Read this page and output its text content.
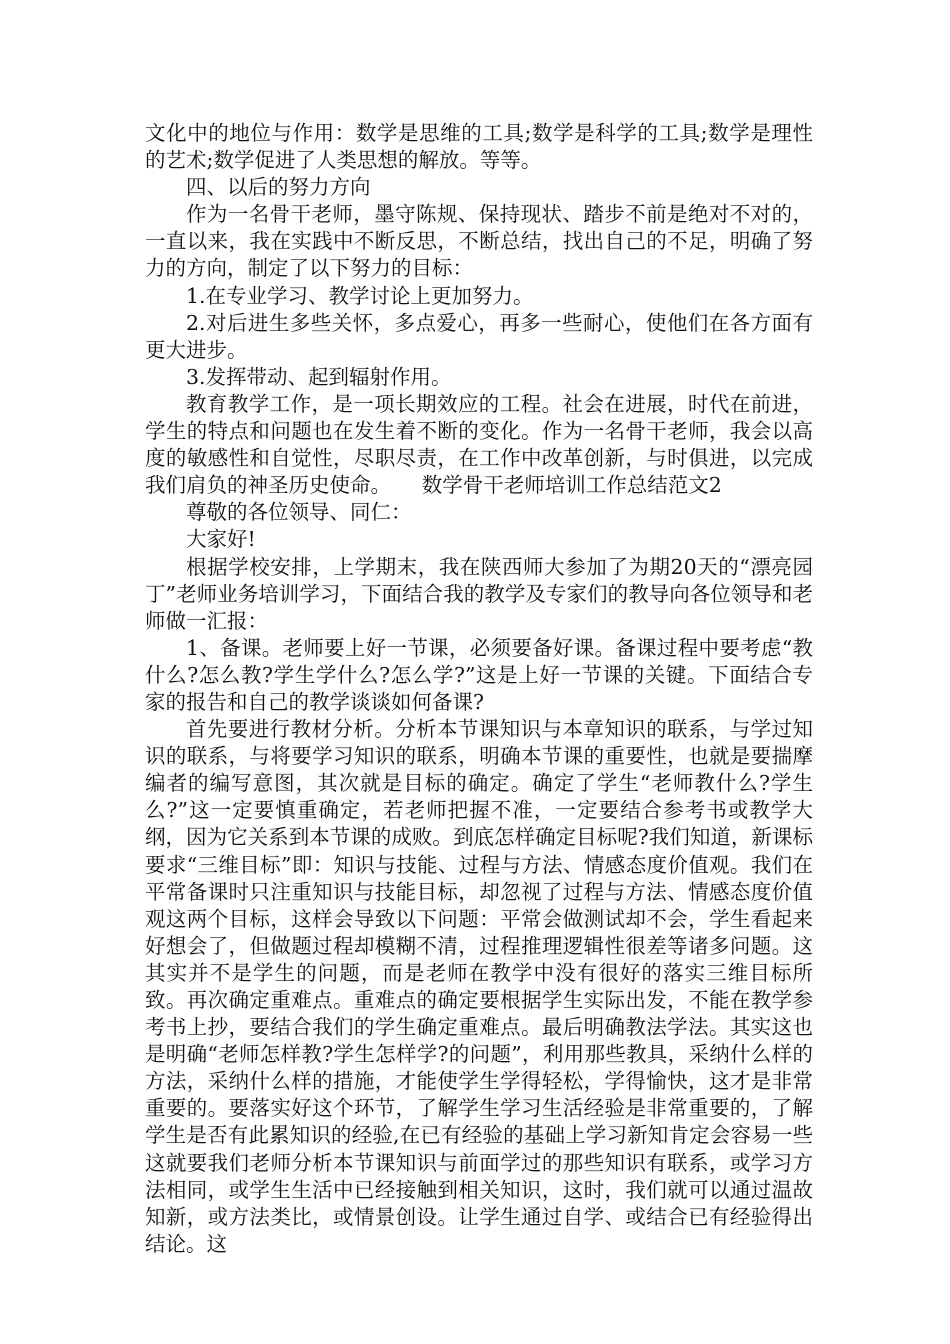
文化中的地位与作用：数学是思维的工具;数学是科学的工具;数学是理性的艺术;数学促进了人类思想的解放。等等。

四、以后的努力方向

作为一名骨干老师，墨守陈规、保持现状、踏步不前是绝对不对的，一直以来，我在实践中不断反思，不断总结，找出自己的不足，明确了努力的方向，制定了以下努力的目标：

1.在专业学习、教学讨论上更加努力。

2.对后进生多些关怀，多点爱心，再多一些耐心，使他们在各方面有更大进步。

3.发挥带动、起到辐射作用。

教育教学工作，是一项长期效应的工程。社会在进展，时代在前进，学生的特点和问题也在发生着不断的变化。作为一名骨干老师，我会以高度的敏感性和自觉性，尽职尽责，在工作中改革创新，与时俱进，以完成我们肩负的神圣历史使命。　　数学骨干老师培训工作总结范文2

尊敬的各位领导、同仁：

大家好!

根据学校安排，上学期末，我在陕西师大参加了为期20天的“漂亮园丁”老师业务培训学习，下面结合我的教学及专家们的教导向各位领导和老师做一汇报：

1、备课。老师要上好一节课，必须要备好课。备课过程中要考虑“教什么?怎么教?学生学什么?怎么学?”这是上好一节课的关键。下面结合专家的报告和自己的教学谈谈如何备课?

首先要进行教材分析。分析本节课知识与本章知识的联系，与学过知识的联系，与将要学习知识的联系，明确本节课的重要性，也就是要揣摩编者的编写意图，其次就是目标的确定。确定了学生“老师教什么?学生么?”这一定要慎重确定，若老师把握不准，一定要结合参考书或教学大纲，因为它关系到本节课的成败。到底怎样确定目标呢?我们知道，新课标要求“三维目标”即：知识与技能、过程与方法、情感态度价值观。我们在平常备课时只注重知识与技能目标，却忽视了过程与方法、情感态度价值观这两个目标，这样会导致以下问题：平常会做测试却不会，学生看起来好想会了，但做题过程却模糊不清，过程推理逻辑性很差等诸多问题。这其实并不是学生的问题，而是老师在教学中没有很好的落实三维目标所致。再次确定重难点。重难点的确定要根据学生实际出发，不能在教学参考书上抄，要结合我们的学生确定重难点。最后明确教法学法。其实这也是明确“老师怎样教?学生怎样学?的问题”，利用那些教具，采纳什么样的方法，采纳什么样的措施，才能使学生学得轻松，学得愉快，这才是非常重要的。要落实好这个环节，了解学生学习生活经验是非常重要的，了解学生是否有此累知识的经验,在已有经验的基础上学习新知肯定会容易一些这就要我们老师分析本节课知识与前面学过的那些知识有联系，或学习方法相同，或学生生活中已经接触到相关知识，这时，我们就可以通过温故知新，或方法类比，或情景创设。让学生通过自学、或结合已有经验得出结论。这
